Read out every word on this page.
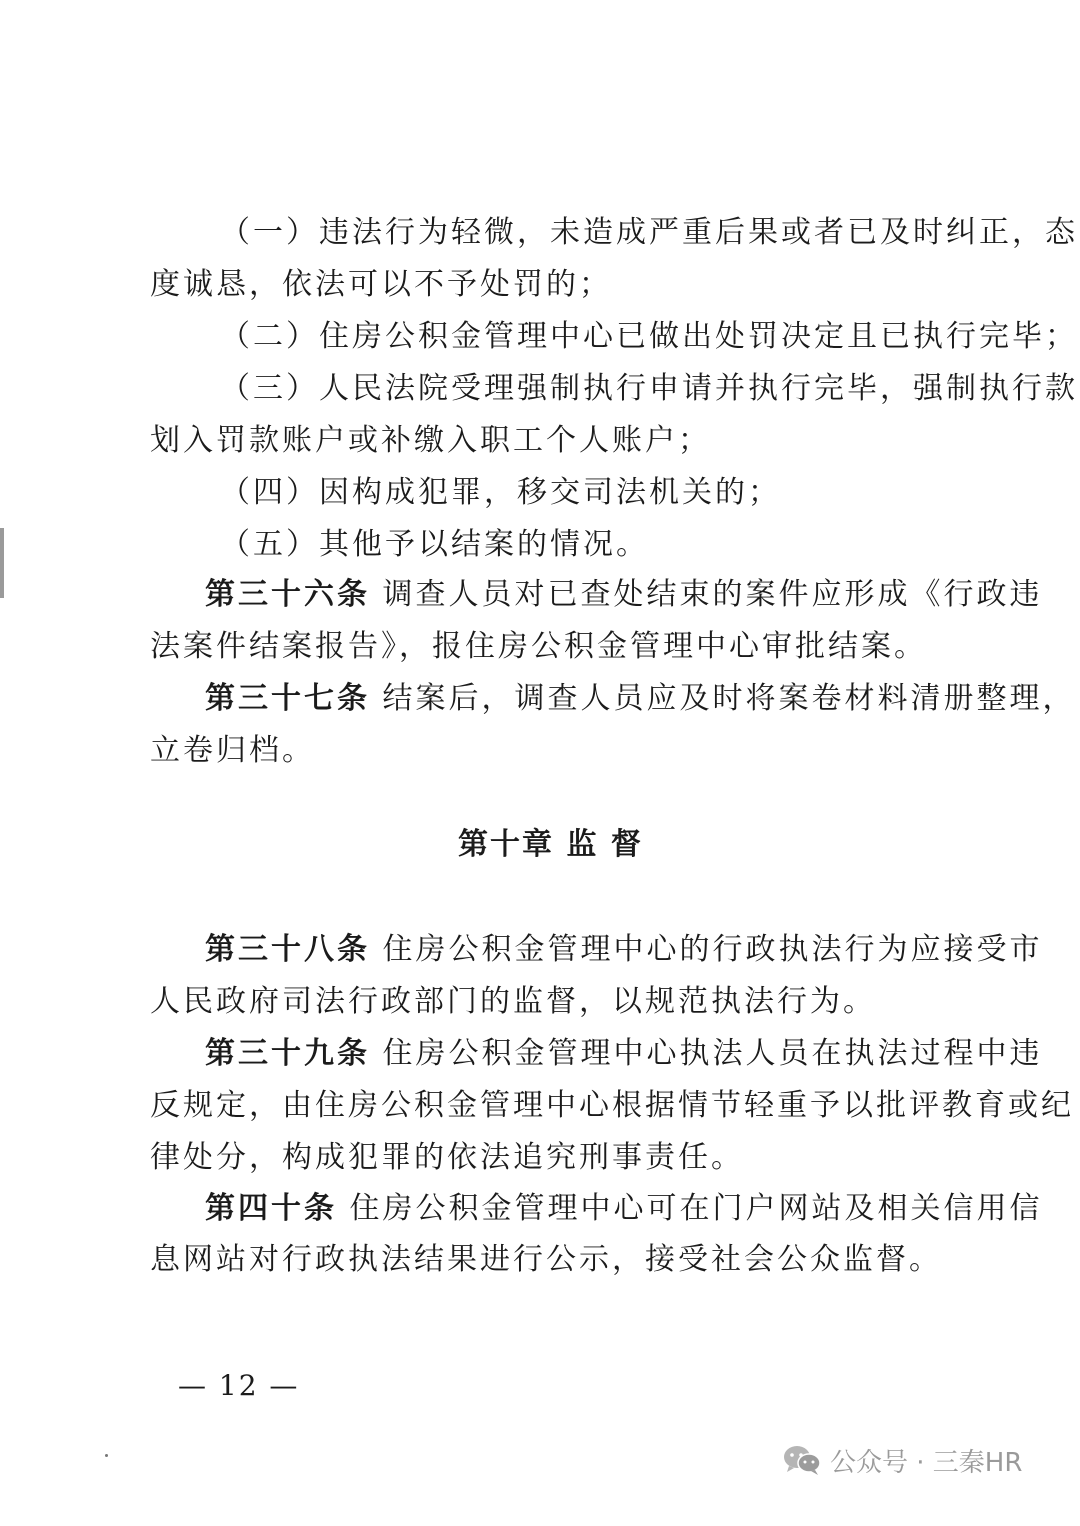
（一）违法行为轻微，未造成严重后果或者已及时纠正，态
度诚恳，依法可以不予处罚的；
（二）住房公积金管理中心已做出处罚决定且已执行完毕；
（三）人民法院受理强制执行申请并执行完毕，强制执行款
划入罚款账户或补缴入职工个人账户；
（四）因构成犯罪，移交司法机关的；
（五）其他予以结案的情况。
第三十六条 调查人员对已查处结束的案件应形成《行政违
法案件结案报告》，报住房公积金管理中心审批结案。
第三十七条 结案后，调查人员应及时将案卷材料清册整理，
立卷归档。
第十章 监 督
第三十八条 住房公积金管理中心的行政执法行为应接受市
人民政府司法行政部门的监督，以规范执法行为。
第三十九条 住房公积金管理中心执法人员在执法过程中违
反规定，由住房公积金管理中心根据情节轻重予以批评教育或纪
律处分，构成犯罪的依法追究刑事责任。
第四十条 住房公积金管理中心可在门户网站及相关信用信
息网站对行政执法结果进行公示，接受社会公众监督。
— 12 —
公众号 · 三秦HR
